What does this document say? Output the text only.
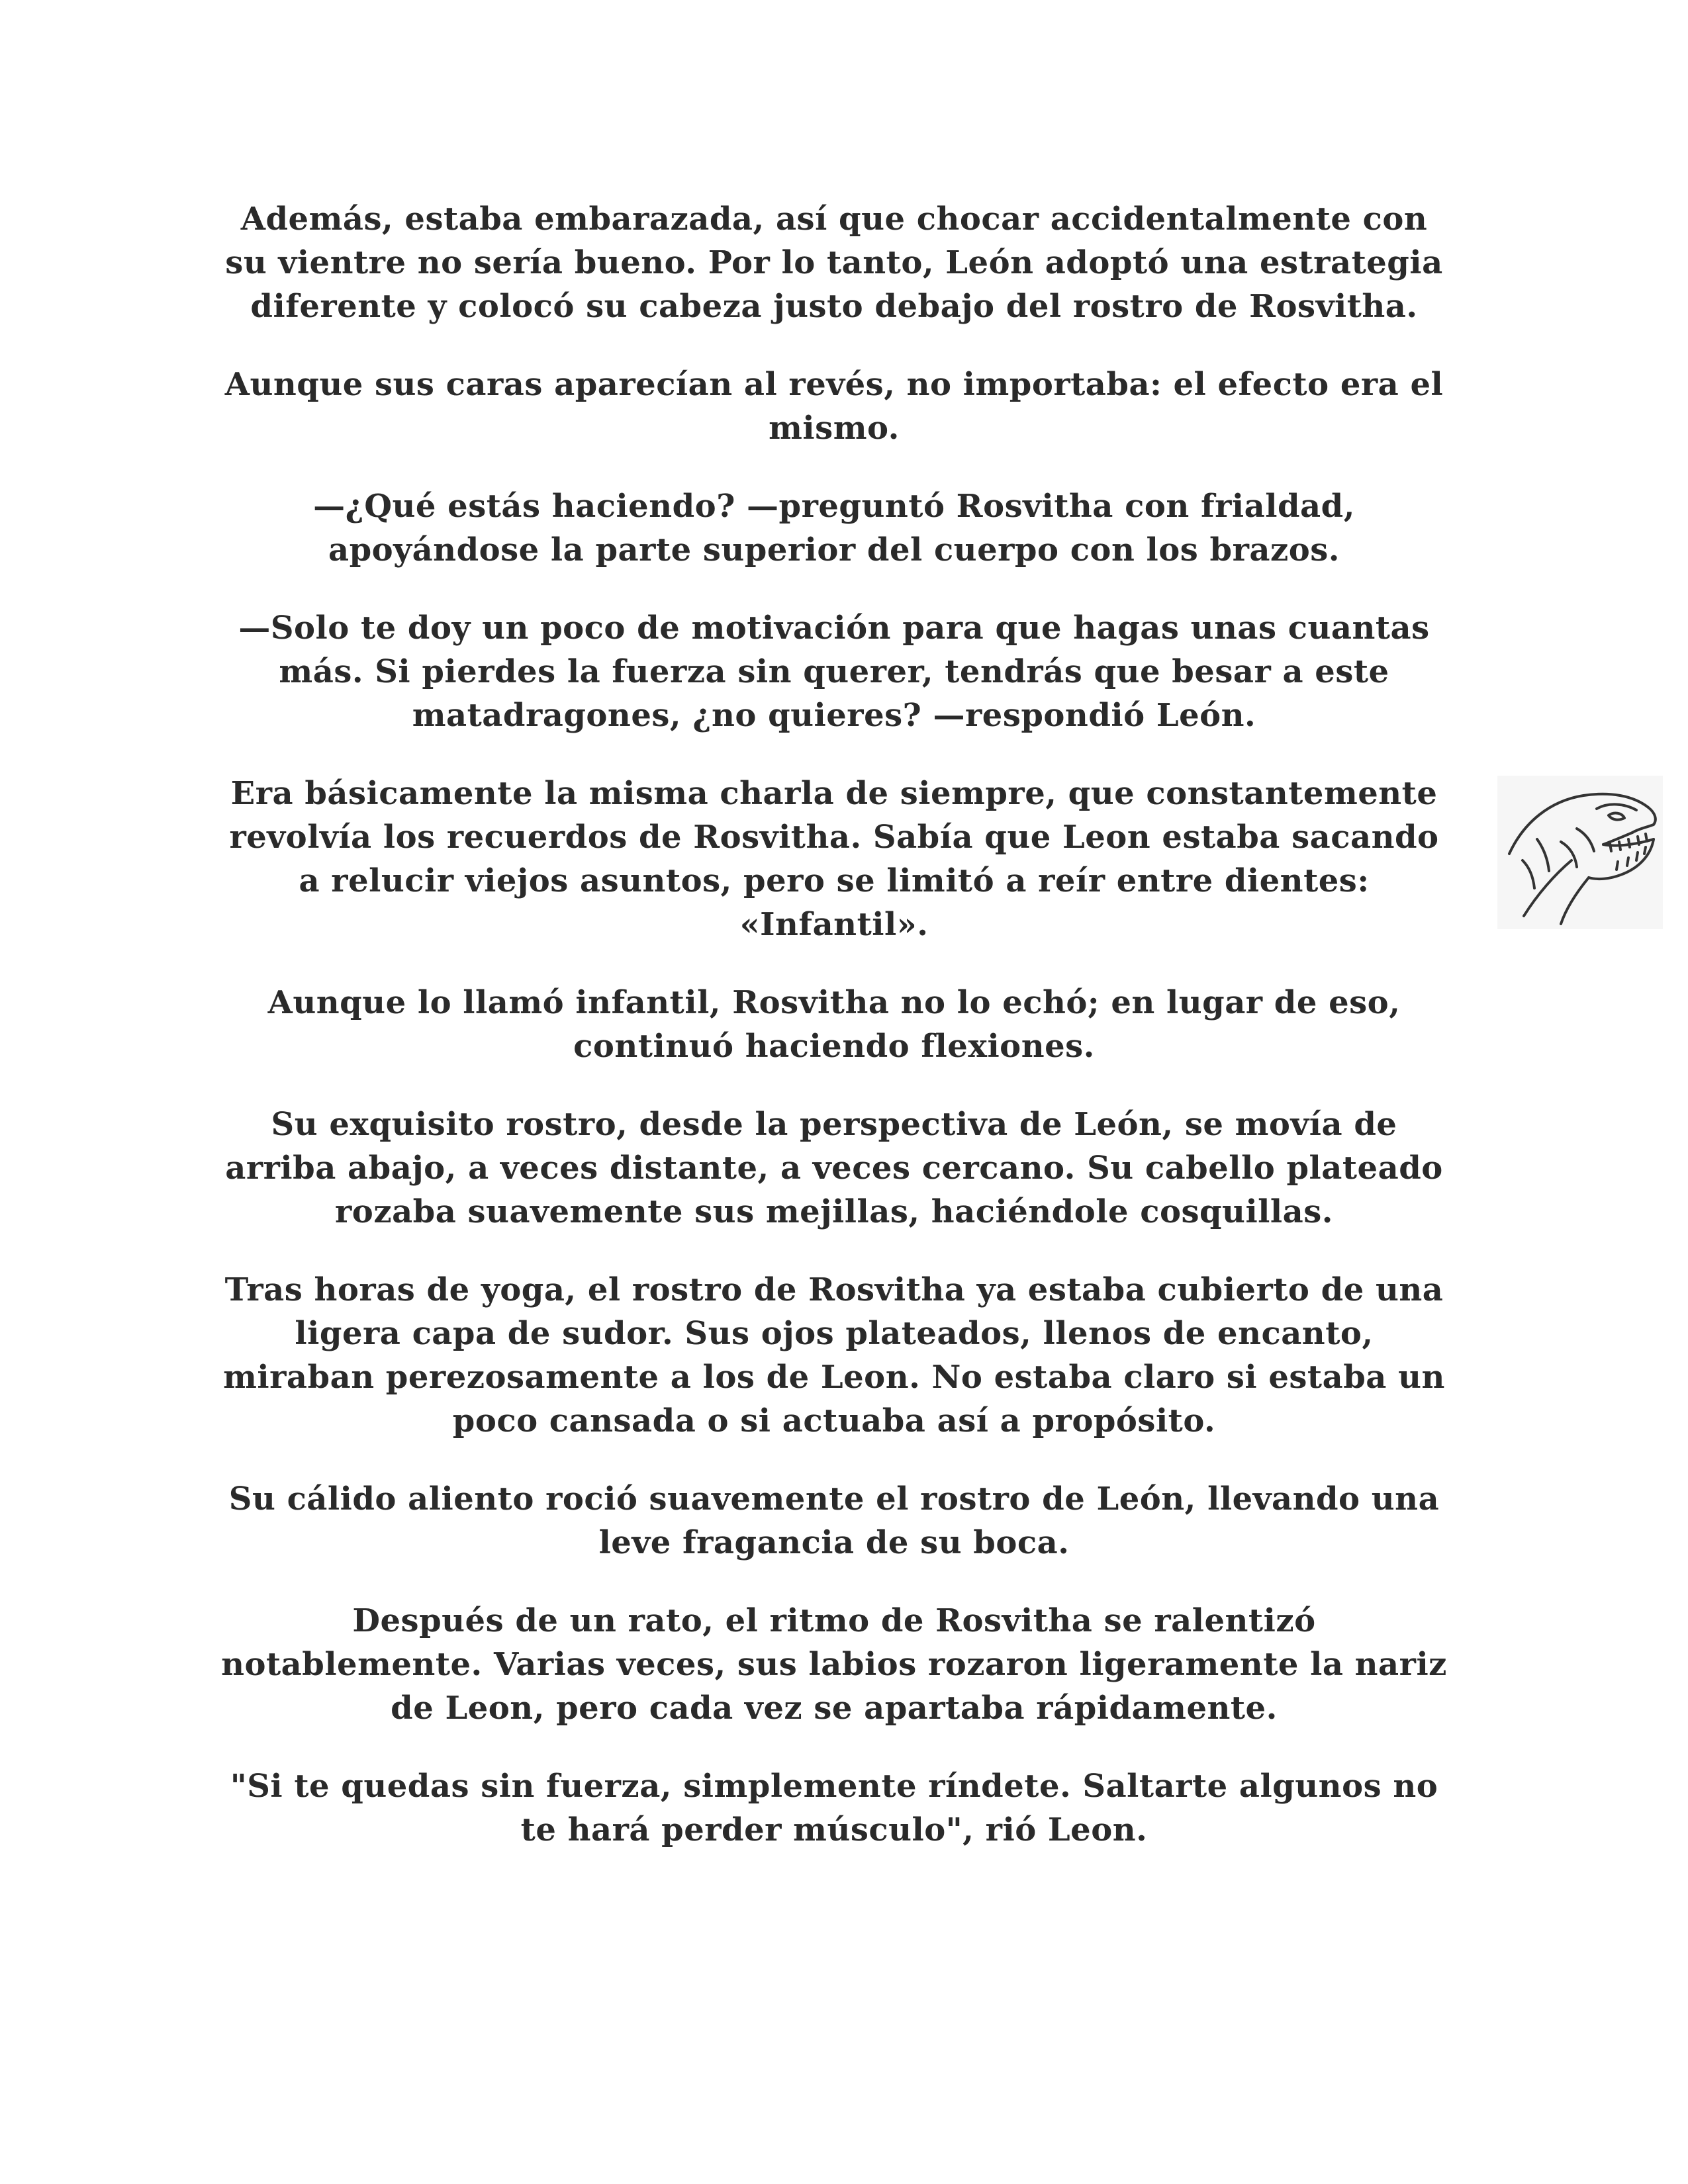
Además, estaba embarazada, así que chocar accidentalmente con su vientre no sería bueno. Por lo tanto, León adoptó una estrategia diferente y colocó su cabeza justo debajo del rostro de Rosvitha.

Aunque sus caras aparecían al revés, no importaba: el efecto era el mismo.

—¿Qué estás haciendo? —preguntó Rosvitha con frialdad, apoyándose la parte superior del cuerpo con los brazos.

—Solo te doy un poco de motivación para que hagas unas cuantas más. Si pierdes la fuerza sin querer, tendrás que besar a este matadragones, ¿no quieres? —respondió León.

Era básicamente la misma charla de siempre, que constantemente revolvía los recuerdos de Rosvitha. Sabía que Leon estaba sacando a relucir viejos asuntos, pero se limitó a reír entre dientes: «Infantil».

Aunque lo llamó infantil, Rosvitha no lo echó; en lugar de eso, continuó haciendo flexiones.

Su exquisito rostro, desde la perspectiva de León, se movía de arriba abajo, a veces distante, a veces cercano. Su cabello plateado rozaba suavemente sus mejillas, haciéndole cosquillas.

Tras horas de yoga, el rostro de Rosvitha ya estaba cubierto de una ligera capa de sudor. Sus ojos plateados, llenos de encanto, miraban perezosamente a los de Leon. No estaba claro si estaba un poco cansada o si actuaba así a propósito.

Su cálido aliento roció suavemente el rostro de León, llevando una leve fragancia de su boca.

Después de un rato, el ritmo de Rosvitha se ralentizó notablemente. Varias veces, sus labios rozaron ligeramente la nariz de Leon, pero cada vez se apartaba rápidamente.

"Si te quedas sin fuerza, simplemente ríndete. Saltarte algunos no te hará perder músculo", rió Leon.
